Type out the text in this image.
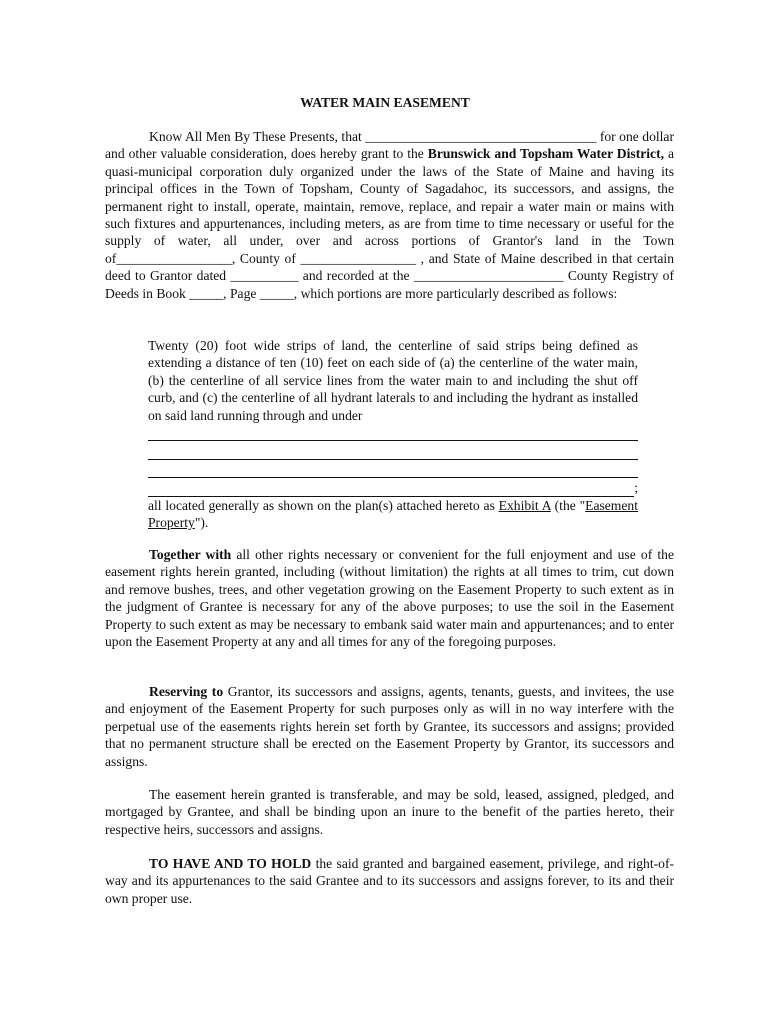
WATER MAIN EASEMENT

Know All Men By These Presents, that __________________________________ for one dollar and other valuable consideration, does hereby grant to the Brunswick and Topsham Water District, a quasi-municipal corporation duly organized under the laws of the State of Maine and having its principal offices in the Town of Topsham, County of Sagadahoc, its successors, and assigns, the permanent right to install, operate, maintain, remove, replace, and repair a water main or mains with such fixtures and appurtenances, including meters, as are from time to time necessary or useful for the supply of water, all under, over and across portions of Grantor's land in the Town of_________________, County of _________________ , and State of Maine described in that certain deed to Grantor dated __________ and recorded at the ______________________ County Registry of Deeds in Book _____, Page _____, which portions are more particularly described as follows:

Twenty (20) foot wide strips of land, the centerline of said strips being defined as extending a distance of ten (10) feet on each side of (a) the centerline of the water main, (b) the centerline of all service lines from the water main to and including the shut off curb, and (c) the centerline of all hydrant laterals to and including the hydrant as installed on said land running through and under

;

all located generally as shown on the plan(s) attached hereto as Exhibit A (the "Easement Property").

Together with all other rights necessary or convenient for the full enjoyment and use of the easement rights herein granted, including (without limitation) the rights at all times to trim, cut down and remove bushes, trees, and other vegetation growing on the Easement Property to such extent as in the judgment of Grantee is necessary for any of the above purposes; to use the soil in the Easement Property to such extent as may be necessary to embank said water main and appurtenances; and to enter upon the Easement Property at any and all times for any of the foregoing purposes.

Reserving to Grantor, its successors and assigns, agents, tenants, guests, and invitees, the use and enjoyment of the Easement Property for such purposes only as will in no way interfere with the perpetual use of the easements rights herein set forth by Grantee, its successors and assigns; provided that no permanent structure shall be erected on the Easement Property by Grantor, its successors and assigns.

The easement herein granted is transferable, and may be sold, leased, assigned, pledged, and mortgaged by Grantee, and shall be binding upon an inure to the benefit of the parties hereto, their respective heirs, successors and assigns.

TO HAVE AND TO HOLD the said granted and bargained easement, privilege, and right-of-way and its appurtenances to the said Grantee and to its successors and assigns forever, to its and their own proper use.
